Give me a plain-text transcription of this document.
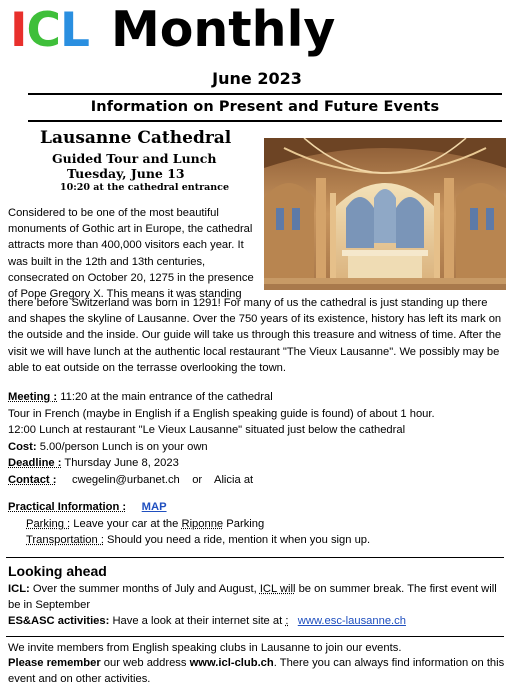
ICL Monthly
June 2023
Information on Present and Future Events
Lausanne Cathedral
Guided Tour and Lunch
Tuesday, June 13
10:20 at the cathedral entrance
Considered to be one of the most beautiful monuments of Gothic art in Europe, the cathedral attracts more than 400,000 visitors each year. It was built in the 12th and 13th centuries, consecrated on October 20, 1275 in the presence of Pope Gregory X. This means it was standing
there before Switzerland was born in 1291! For many of us the cathedral is just standing up there and shapes the skyline of Lausanne. Over the 750 years of its existence, history has left its mark on the outside and the inside. Our guide will take us through this treasure and witness of time. After the visit we will have lunch at the authentic local restaurant "The Vieux Lausanne". We possibly may be able to eat outside on the terrasse overlooking the town.
Meeting : 11:20 at the main entrance of the cathedral
Tour in French (maybe in English if a English speaking guide is found) of about 1 hour.
12:00 Lunch at restaurant "Le Vieux Lausanne" situated just below the cathedral
Cost: 5.00/person Lunch is on your own
Deadline : Thursday June 8, 2023
Contact :     cwegelin@urbanet.ch    or    Alicia at
Practical Information : MAP
Parking : Leave your car at the Riponne Parking
Transportation : Should you need a ride, mention it when you sign up.
Looking ahead
ICL: Over the summer months of July and August, ICL will be on summer break. The first event will be in September
ES&ASC activities: Have a look at their internet site at : www.esc-lausanne.ch
We invite members from English speaking clubs in Lausanne to join our events.
Please remember our web address www.icl-club.ch. There you can always find information on this event and on other activities.
